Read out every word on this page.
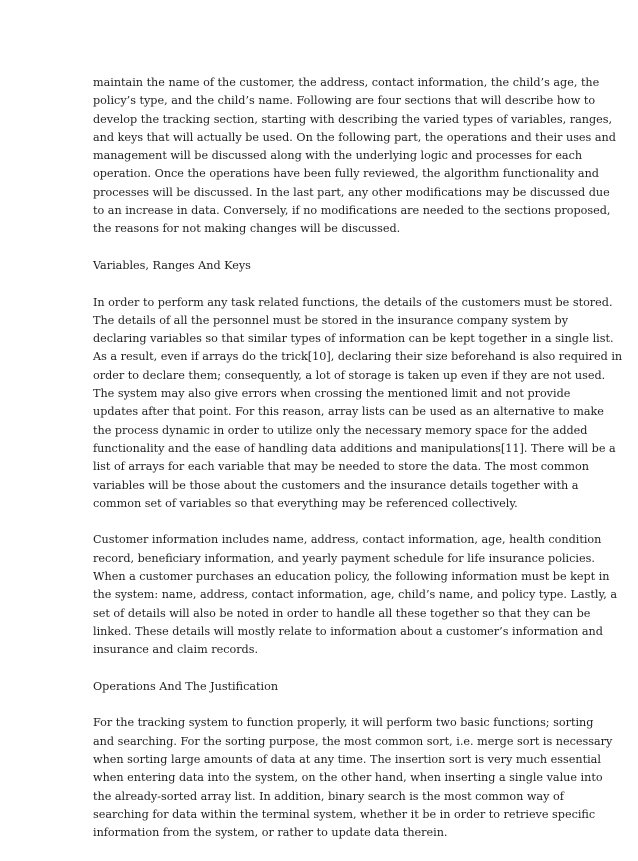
maintain the name of the customer, the address, contact information, the child’s age, the
policy’s type, and the child’s name. Following are four sections that will describe how to
develop the tracking section, starting with describing the varied types of variables, ranges,
and keys that will actually be used. On the following part, the operations and their uses and
management will be discussed along with the underlying logic and processes for each
operation. Once the operations have been fully reviewed, the algorithm functionality and
processes will be discussed. In the last part, any other modifications may be discussed due
to an increase in data. Conversely, if no modifications are needed to the sections proposed,
the reasons for not making changes will be discussed.
Variables, Ranges And Keys
In order to perform any task related functions, the details of the customers must be stored.
The details of all the personnel must be stored in the insurance company system by
declaring variables so that similar types of information can be kept together in a single list.
As a result, even if arrays do the trick[10], declaring their size beforehand is also required in
order to declare them; consequently, a lot of storage is taken up even if they are not used.
The system may also give errors when crossing the mentioned limit and not provide
updates after that point. For this reason, array lists can be used as an alternative to make
the process dynamic in order to utilize only the necessary memory space for the added
functionality and the ease of handling data additions and manipulations[11]. There will be a
list of arrays for each variable that may be needed to store the data. The most common
variables will be those about the customers and the insurance details together with a
common set of variables so that everything may be referenced collectively.
Customer information includes name, address, contact information, age, health condition
record, beneficiary information, and yearly payment schedule for life insurance policies.
When a customer purchases an education policy, the following information must be kept in
the system: name, address, contact information, age, child’s name, and policy type. Lastly, a
set of details will also be noted in order to handle all these together so that they can be
linked. These details will mostly relate to information about a customer’s information and
insurance and claim records.
Operations And The Justification
For the tracking system to function properly, it will perform two basic functions; sorting
and searching. For the sorting purpose, the most common sort, i.e. merge sort is necessary
when sorting large amounts of data at any time. The insertion sort is very much essential
when entering data into the system, on the other hand, when inserting a single value into
the already-sorted array list. In addition, binary search is the most common way of
searching for data within the terminal system, whether it be in order to retrieve specific
information from the system, or rather to update data therein.
